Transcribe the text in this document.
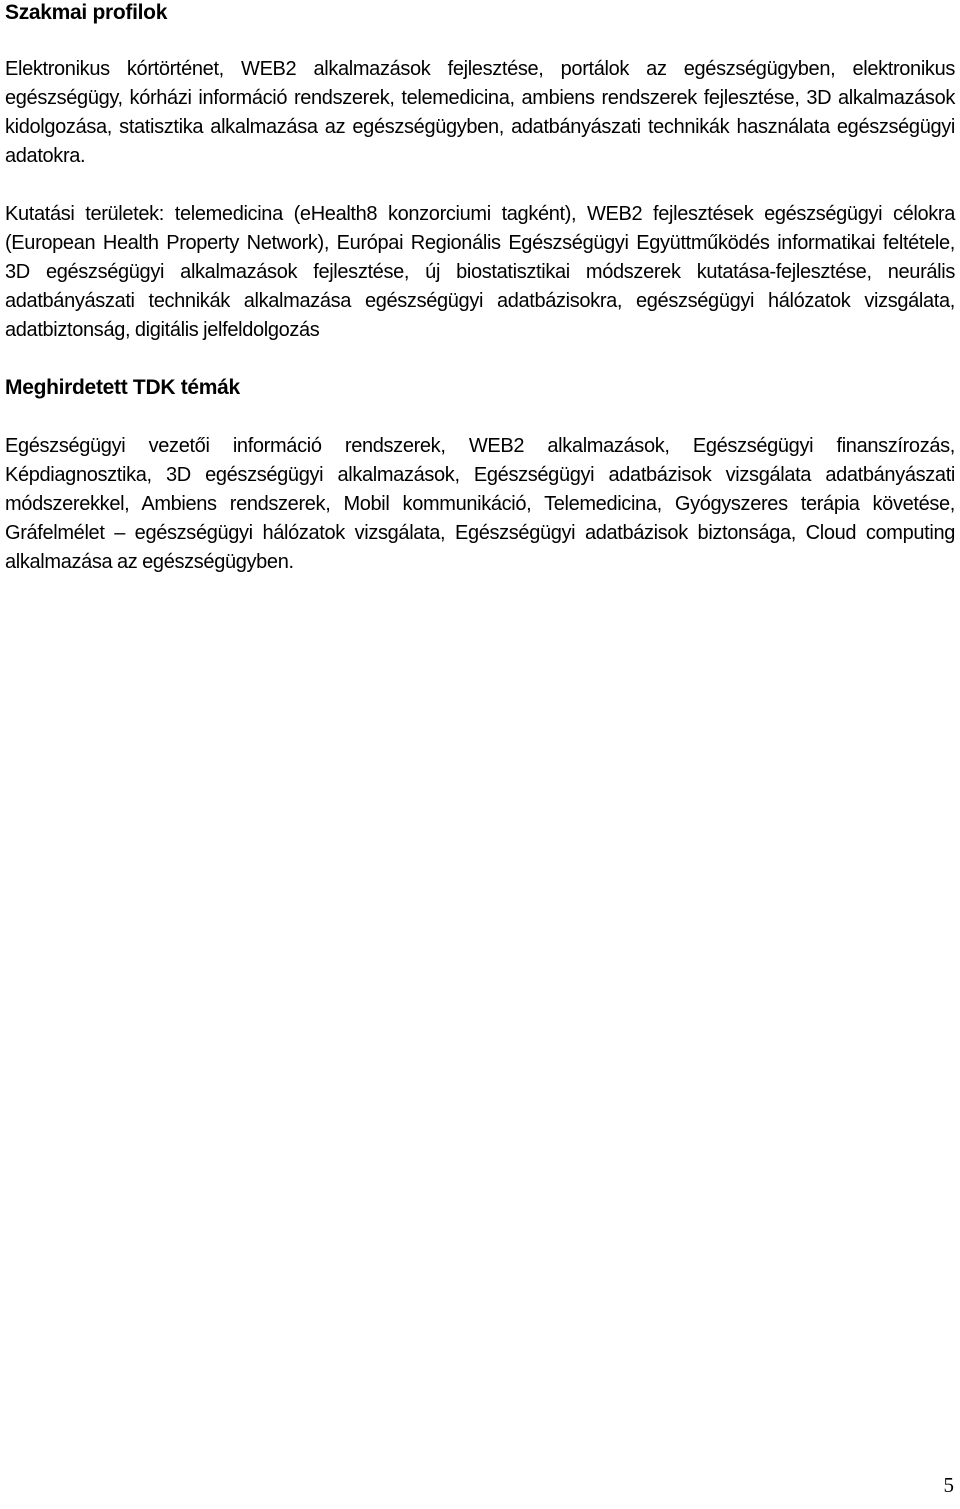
Szakmai profilok

Elektronikus kórtörténet, WEB2 alkalmazások fejlesztése, portálok az egészségügyben, elektronikus egészségügy, kórházi információ rendszerek, telemedicina, ambiens rendszerek fejlesztése, 3D alkalmazások kidolgozása, statisztika alkalmazása az egészségügyben, adatbányászati technikák használata egészségügyi adatokra.

Kutatási területek: telemedicina (eHealth8 konzorciumi tagként), WEB2 fejlesztések egészségügyi célokra (European Health Property Network), Európai Regionális Egészségügyi Együttműködés informatikai feltétele, 3D egészségügyi alkalmazások fejlesztése, új biostatisztikai módszerek kutatása-fejlesztése, neurális adatbányászati technikák alkalmazása egészségügyi adatbázisokra, egészségügyi hálózatok vizsgálata, adatbiztonság, digitális jelfeldolgozás

Meghirdetett TDK témák

Egészségügyi vezetői információ rendszerek, WEB2 alkalmazások, Egészségügyi finanszírozás, Képdiagnosztika, 3D egészségügyi alkalmazások, Egészségügyi adatbázisok vizsgálata adatbányászati módszerekkel, Ambiens rendszerek, Mobil kommunikáció, Telemedicina, Gyógyszeres terápia követése, Gráfelmélet – egészségügyi hálózatok vizsgálata, Egészségügyi adatbázisok biztonsága, Cloud computing alkalmazása az egészségügyben.

5
